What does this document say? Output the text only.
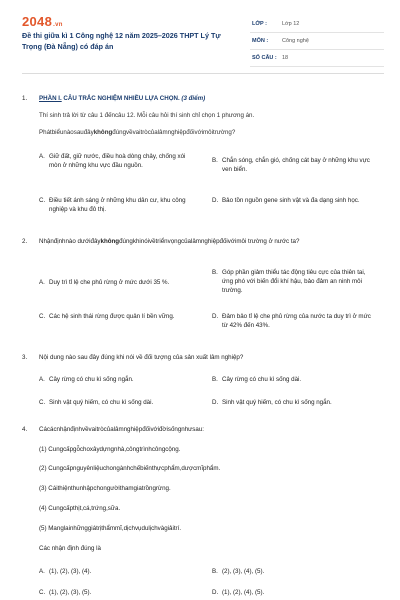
2048.vn
Đề thi giữa kì 1 Công nghệ 12 năm 2025–2026 THPT Lý Tự Trọng (Đà Nẵng) có đáp án
LỚP :	Lớp 12
MÔN :	Công nghệ
SỐ CÂU :	18
1.	PHẦN I. CÂU TRẮC NGHIỆM NHIỀU LỰA CHỌN. (3 điểm)
Thí sinh trả lời từ câu 1 đếncâu 12. Mỗi câu hỏi thí sinh chỉ chọn 1 phương án.
Phátbiểunàosauđâykhôngđúngvềvaitròcủalâmnghiệpđốivớimôitrường?
A. Giữ đất, giữ nước, điều hoà dòng chảy, chống xói mòn ở những khu vực đầu nguồn.
B. Chắn sóng, chắn gió, chống cát bay ở những khu vực ven biển.
C. Điều tiết ánh sáng ở những khu dân cư, khu công nghiệp và khu đô thị.
D. Bảo tồn nguồn gene sinh vật và đa dạng sinh học.
2.	Nhậnđịnhnào dướiđâykhôngđúngkhinóivềtriểnvọngcủalâmnghiệpđốivớimôi trường ở nước ta?
A. Duy trì tỉ lệ che phủ rừng ở mức dưới 35 %.
B. Góp phần giảm thiểu tác động tiêu cực của thiên tai, ứng phó với biến đổi khí hậu, bảo đảm an ninh môi trường.
C. Các hệ sinh thái rừng được quản lí bền vững.	D. Đảm bảo tỉ lệ che phủ rừng của nước ta duy trì ở mức từ 42% đến 43%.
3.	Nội dung nào sau đây đúng khi nói về đối tượng của sản xuất lâm nghiệp?
A. Cây rừng có chu kì sống ngắn.	B. Cây rừng có chu kì sống dài.
C. Sinh vật quý hiếm, có chu kì sống dài.	D. Sinh vật quý hiếm, có chu kì sống ngắn.
4.	Cácácnhậnđịnhvềvaitròcủalâmnghiệpđốivớiđờisốngnhưsau:
(1) Cungcấpgỗchoxâydựngnhà,côngtrìnhcôngcộng.
(2) Cungcấpnguyênliệuchongànhchếbiếnthựcphẩm,dượcmĩphẩm.
(3) Cáithiệnthunhậpchongườithamgiatrồngrừng.
(4) Cungcấpthịt,cá,trứng,sữa.
(5) Manglainhữnggiátrịthẩmmĩ,dịchvụdulịchvàgiảitrí.
Các nhận định đúng là
A. (1), (2), (3), (4).	B. (2), (3), (4), (5).
C. (1), (2), (3), (5).	D. (1), (2), (4), (5).
